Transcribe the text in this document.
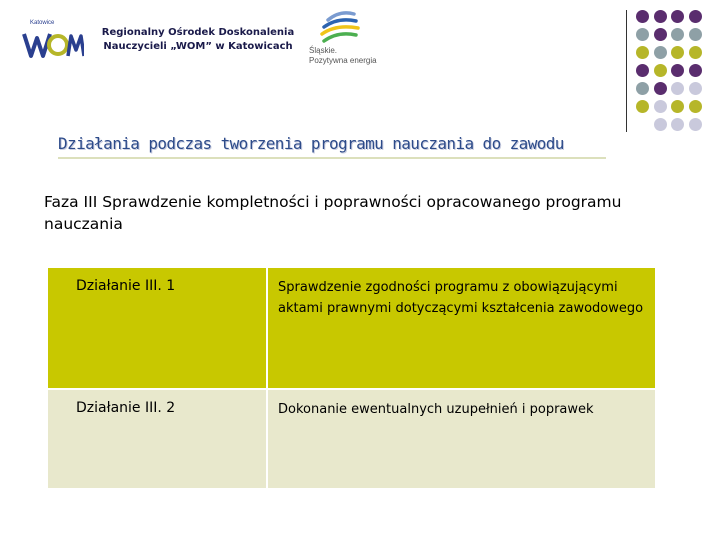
Katowice
Regionalny Ośrodek Doskonalenia
Nauczycieli „WOM” w Katowicach	Śląskie.
Pozytywna energia
Działania podczas tworzenia programu nauczania do zawodu
Faza III Sprawdzenie kompletności i poprawności opracowanego programu nauczania
Działanie III. 1	Sprawdzenie zgodności programu z obowiązującymi aktami prawnymi dotyczącymi kształcenia zawodowego
Działanie III. 2	Dokonanie ewentualnych uzupełnień i poprawek
